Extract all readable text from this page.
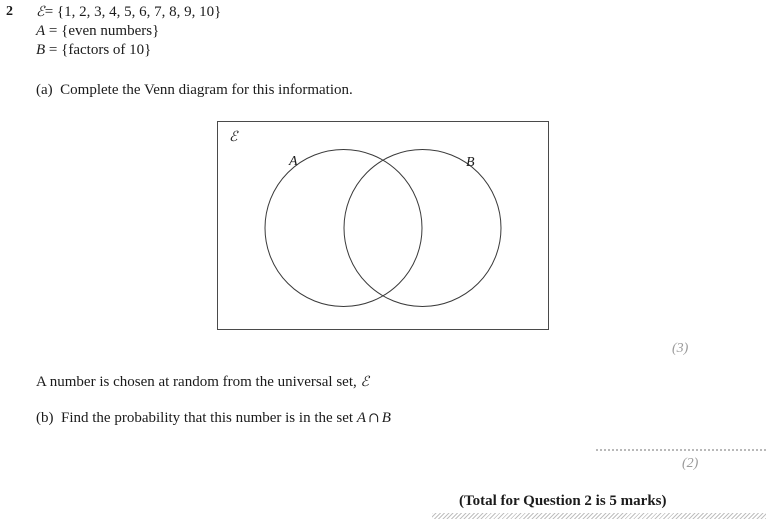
2 ℰ= {1, 2, 3, 4, 5, 6, 7, 8, 9, 10}
A = {even numbers}
B = {factors of 10}
(a) Complete the Venn diagram for this information.
ℰ
A	B
(3)
A number is chosen at random from the universal set, ℰ
(b) Find the probability that this number is in the set A ∩ B
(2)
(Total for Question 2 is 5 marks)
